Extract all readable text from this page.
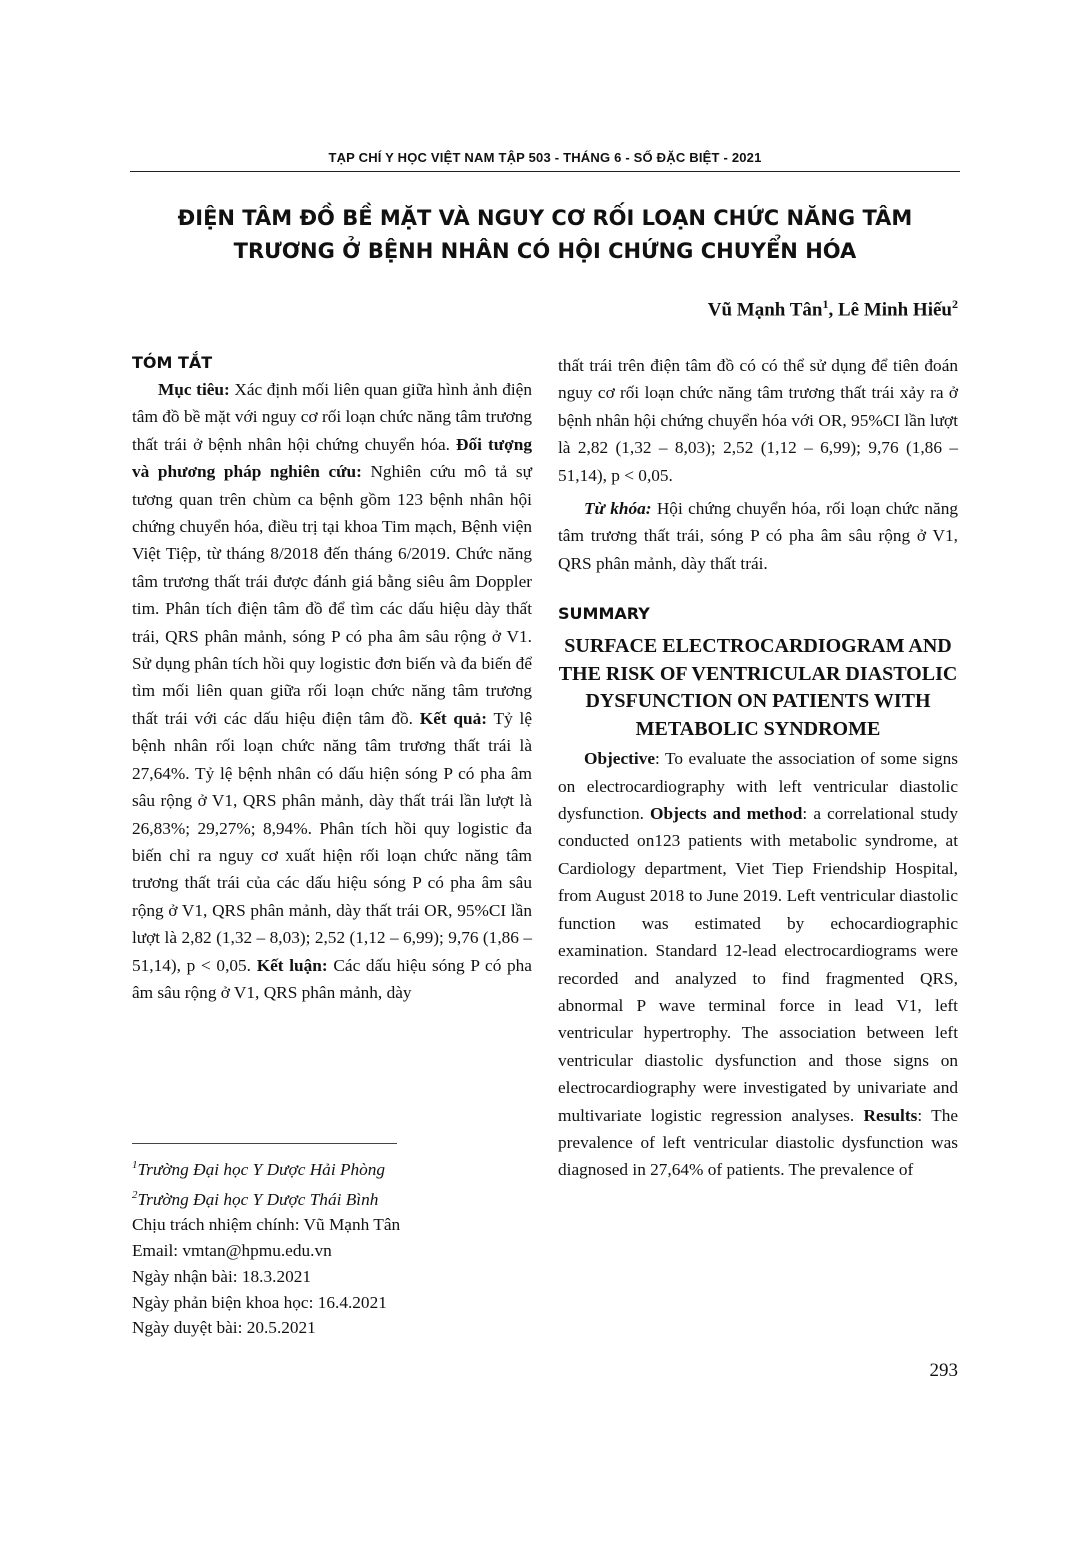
TẠP CHÍ Y HỌC VIỆT NAM TẬP 503 - THÁNG 6 - SỐ ĐẶC BIỆT - 2021
ĐIỆN TÂM ĐỒ BỀ MẶT VÀ NGUY CƠ RỐI LOẠN CHỨC NĂNG TÂM
TRƯƠNG Ở BỆNH NHÂN CÓ HỘI CHỨNG CHUYỂN HÓA
Vũ Mạnh Tân$^1$, Lê Minh Hiếu$^2$
TÓM TẮT

Mục tiêu: Xác định mối liên quan giữa hình ảnh điện tâm đồ bề mặt với nguy cơ rối loạn chức năng tâm trương thất trái ở bệnh nhân hội chứng chuyển hóa. Đối tượng và phương pháp nghiên cứu: Nghiên cứu mô tả sự tương quan trên chùm ca bệnh gồm 123 bệnh nhân hội chứng chuyển hóa, điều trị tại khoa Tim mạch, Bệnh viện Việt Tiệp, từ tháng 8/2018 đến tháng 6/2019. Chức năng tâm trương thất trái được đánh giá bằng siêu âm Doppler tim. Phân tích điện tâm đồ để tìm các dấu hiệu dày thất trái, QRS phân mảnh, sóng P có pha âm sâu rộng ở V1. Sử dụng phân tích hồi quy logistic đơn biến và đa biến để tìm mối liên quan giữa rối loạn chức năng tâm trương thất trái với các dấu hiệu điện tâm đồ. Kết quả: Tỷ lệ bệnh nhân rối loạn chức năng tâm trương thất trái là 27,64%. Tỷ lệ bệnh nhân có dấu hiện sóng P có pha âm sâu rộng ở V1, QRS phân mảnh, dày thất trái lần lượt là 26,83%; 29,27%; 8,94%. Phân tích hồi quy logistic đa biến chỉ ra nguy cơ xuất hiện rối loạn chức năng tâm trương thất trái của các dấu hiệu sóng P có pha âm sâu rộng ở V1, QRS phân mảnh, dày thất trái OR, 95%CI lần lượt là 2,82 (1,32 – 8,03); 2,52 (1,12 – 6,99); 9,76 (1,86 – 51,14), p < 0,05. Kết luận: Các dấu hiệu sóng P có pha âm sâu rộng ở V1, QRS phân mảnh, dày

$^1$Trường Đại học Y Dược Hải Phòng
$^2$Trường Đại học Y Dược Thái Bình
Chịu trách nhiệm chính: Vũ Mạnh Tân
Email: vmtan@hpmu.edu.vn
Ngày nhận bài: 18.3.2021
Ngày phản biện khoa học: 16.4.2021
Ngày duyệt bài: 20.5.2021

thất trái trên điện tâm đồ có có thể sử dụng để tiên đoán nguy cơ rối loạn chức năng tâm trương thất trái xảy ra ở bệnh nhân hội chứng chuyển hóa với OR, 95%CI lần lượt là 2,82 (1,32 – 8,03); 2,52 (1,12 – 6,99); 9,76 (1,86 – 51,14), p < 0,05.

Từ khóa: Hội chứng chuyển hóa, rối loạn chức năng tâm trương thất trái, sóng P có pha âm sâu rộng ở V1, QRS phân mảnh, dày thất trái.

SUMMARY
SURFACE ELECTROCARDIOGRAM AND THE RISK OF VENTRICULAR DIASTOLIC DYSFUNCTION ON PATIENTS WITH METABOLIC SYNDROME

Objective: To evaluate the association of some signs on electrocardiography with left ventricular diastolic dysfunction. Objects and method: a correlational study conducted on123 patients with metabolic syndrome, at Cardiology department, Viet Tiep Friendship Hospital, from August 2018 to June 2019. Left ventricular diastolic function was estimated by echocardiographic examination. Standard 12-lead electrocardiograms were recorded and analyzed to find fragmented QRS, abnormal P wave terminal force in lead V1, left ventricular hypertrophy. The association between left ventricular diastolic dysfunction and those signs on electrocardiography were investigated by univariate and multivariate logistic regression analyses. Results: The prevalence of left ventricular diastolic dysfunction was diagnosed in 27,64% of patients. The prevalence of

293
